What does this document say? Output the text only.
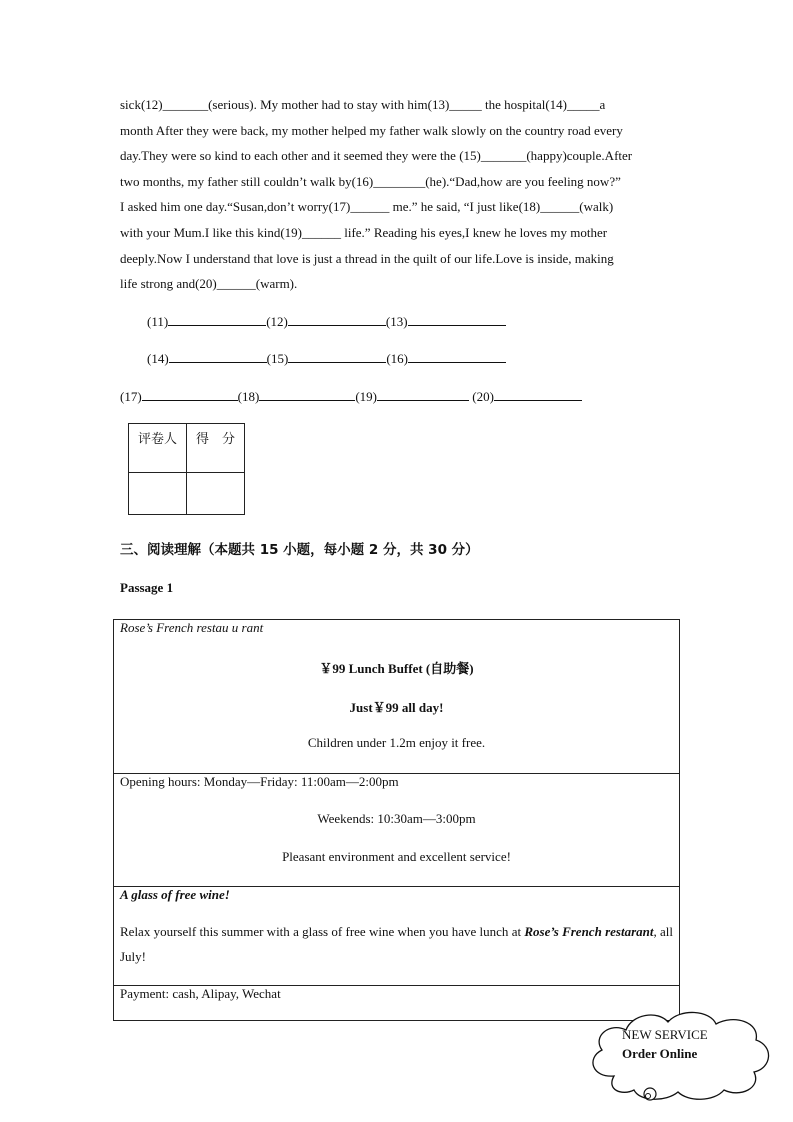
sick(12)_______(serious). My mother had to stay with him(13)_____ the hospital(14)_____a
month After they were back, my mother helped my father walk slowly on the country road every
day.They were so kind to each other and it seemed they were the (15)_______(happy)couple.After
two months, my father still couldn’t walk by(16)________(he).“Dad,how are you feeling now?”
I asked him one day.“Susan,don’t worry(17)______ me.” he said, “I just like(18)______(walk)
with your Mum.I like this kind(19)______ life.” Reading his eyes,I knew he loves my mother
deeply.Now I understand that love is just a thread in the quilt of our life.Love is inside, making
life strong and(20)______(warm).
(11)	(12)	(13)
(14)	(15)	(16)
(17)	(18)	(19)	(20)
评卷人	得　分

三、阅读理解（本题共 15 小题，每小题 2 分，共 30 分）
Passage 1
Rose’s French restau u rant
￥99 Lunch Buffet (自助餐)
Just￥99 all day!
Children under 1.2m enjoy it free.
Opening hours: Monday—Friday: 11:00am—2:00pm
Weekends: 10:30am—3:00pm
Pleasant environment and excellent service!
A glass of free wine!
Relax yourself this summer with a glass of free wine when you have lunch at Rose’s French restarant, all July!
Payment: cash, Alipay, Wechat
NEW SERVICE
Order Online
